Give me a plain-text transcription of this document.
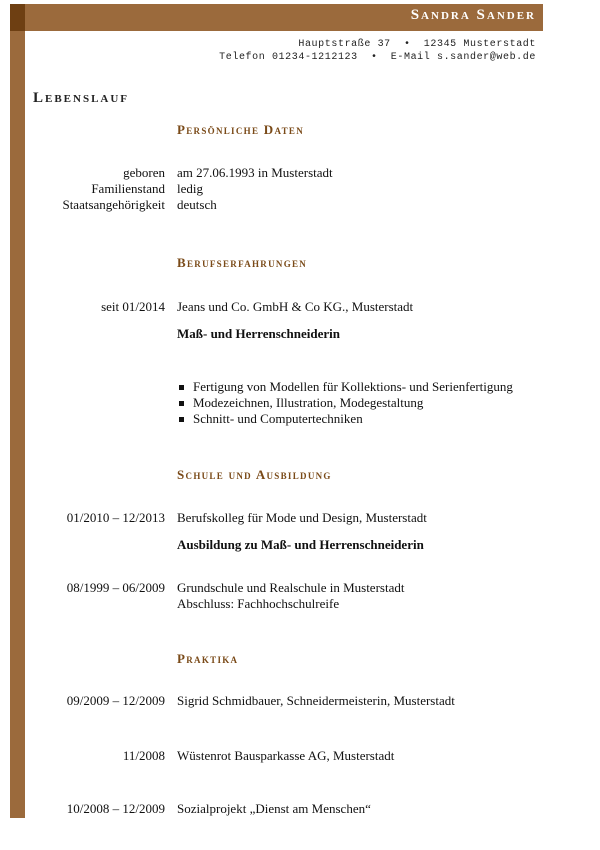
Sandra Sander
Hauptstraße 37  •  12345 Musterstadt
Telefon 01234-1212123  •  E-Mail s.sander@web.de
Lebenslauf
Persönliche Daten
geboren am 27.06.1993 in Musterstadt
Familienstand ledig
Staatsangehörigkeit deutsch
Berufserfahrungen
seit 01/2014 Jeans und Co. GmbH & Co KG., Musterstadt
Maß- und Herrenschneiderin
Fertigung von Modellen für Kollektions- und Serienfertigung
Modezeichnen, Illustration, Modegestaltung
Schnitt- und Computertechniken
Schule und Ausbildung
01/2010 – 12/2013 Berufskolleg für Mode und Design, Musterstadt
Ausbildung zu Maß- und Herrenschneiderin
08/1999 – 06/2009 Grundschule und Realschule in Musterstadt
Abschluss: Fachhochschulreife
Praktika
09/2009 – 12/2009 Sigrid Schmidbauer, Schneidermeisterin, Musterstadt
11/2008 Wüstenrot Bausparkasse AG, Musterstadt
10/2008 – 12/2009 Sozialprojekt „Dienst am Menschen“
